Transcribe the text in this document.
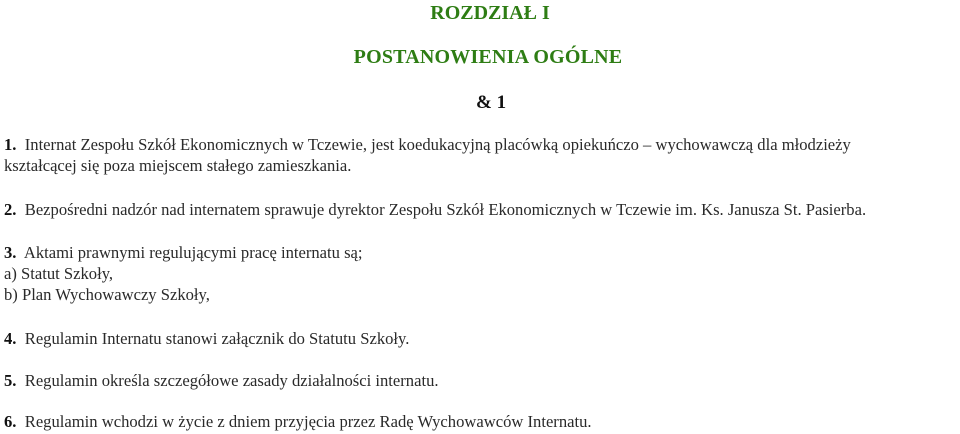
ROZDZIAŁ I
POSTANOWIENIA OGÓLNE
& 1
1. Internat Zespołu Szkół Ekonomicznych w Tczewie, jest koedukacyjną placówką opiekuńczo – wychowawczą dla młodzieży
kształcącej się poza miejscem stałego zamieszkania.
2. Bezpośredni nadzór nad internatem sprawuje dyrektor Zespołu Szkół Ekonomicznych w Tczewie im. Ks. Janusza St. Pasierba.
3. Aktami prawnymi regulującymi pracę internatu są;
a) Statut Szkoły,
b) Plan Wychowawczy Szkoły,
4. Regulamin Internatu stanowi załącznik do Statutu Szkoły.
5. Regulamin określa szczegółowe zasady działalności internatu.
6. Regulamin wchodzi w życie z dniem przyjęcia przez Radę Wychowawców Internatu.
